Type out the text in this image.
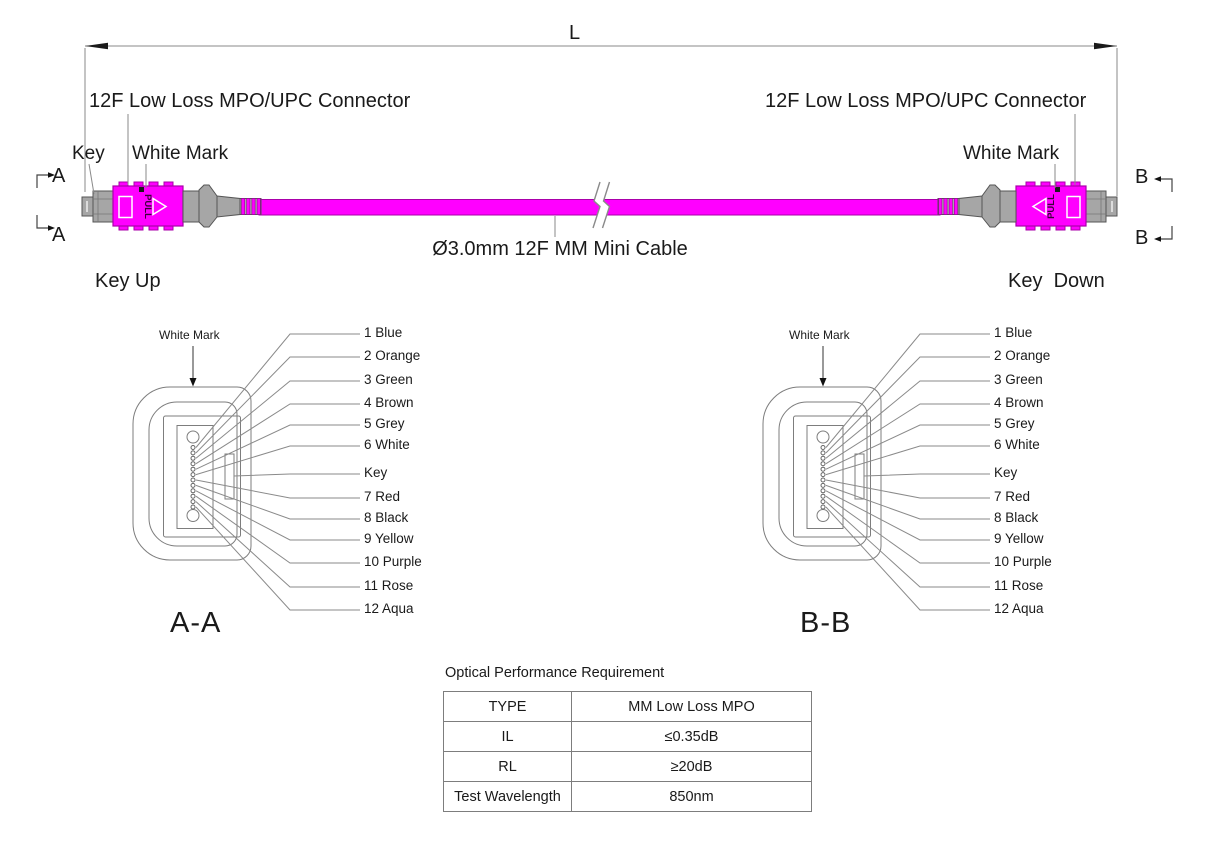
PULL	PULL
L
12F Low Loss MPO/UPC Connector	12F Low Loss MPO/UPC Connector
Key White Mark	White Mark
A
A
B
B
Key Up	Key  Down
Ø3.0mm 12F MM Mini Cable
White Mark
A-A
1 Blue
2 Orange
3 Green
4 Brown
5 Grey
6 White
Key
7 Red
8 Black
9 Yellow
10 Purple
11 Rose
12 Aqua
White Mark
B-B
1 Blue
2 Orange
3 Green
4 Brown
5 Grey
6 White
Key
7 Red
8 Black
9 Yellow
10 Purple
11 Rose
12 Aqua
Optical Performance Requirement
TYPE	MM Low Loss MPO
IL	≤0.35dB
RL	≥20dB
Test Wavelength	850nm
